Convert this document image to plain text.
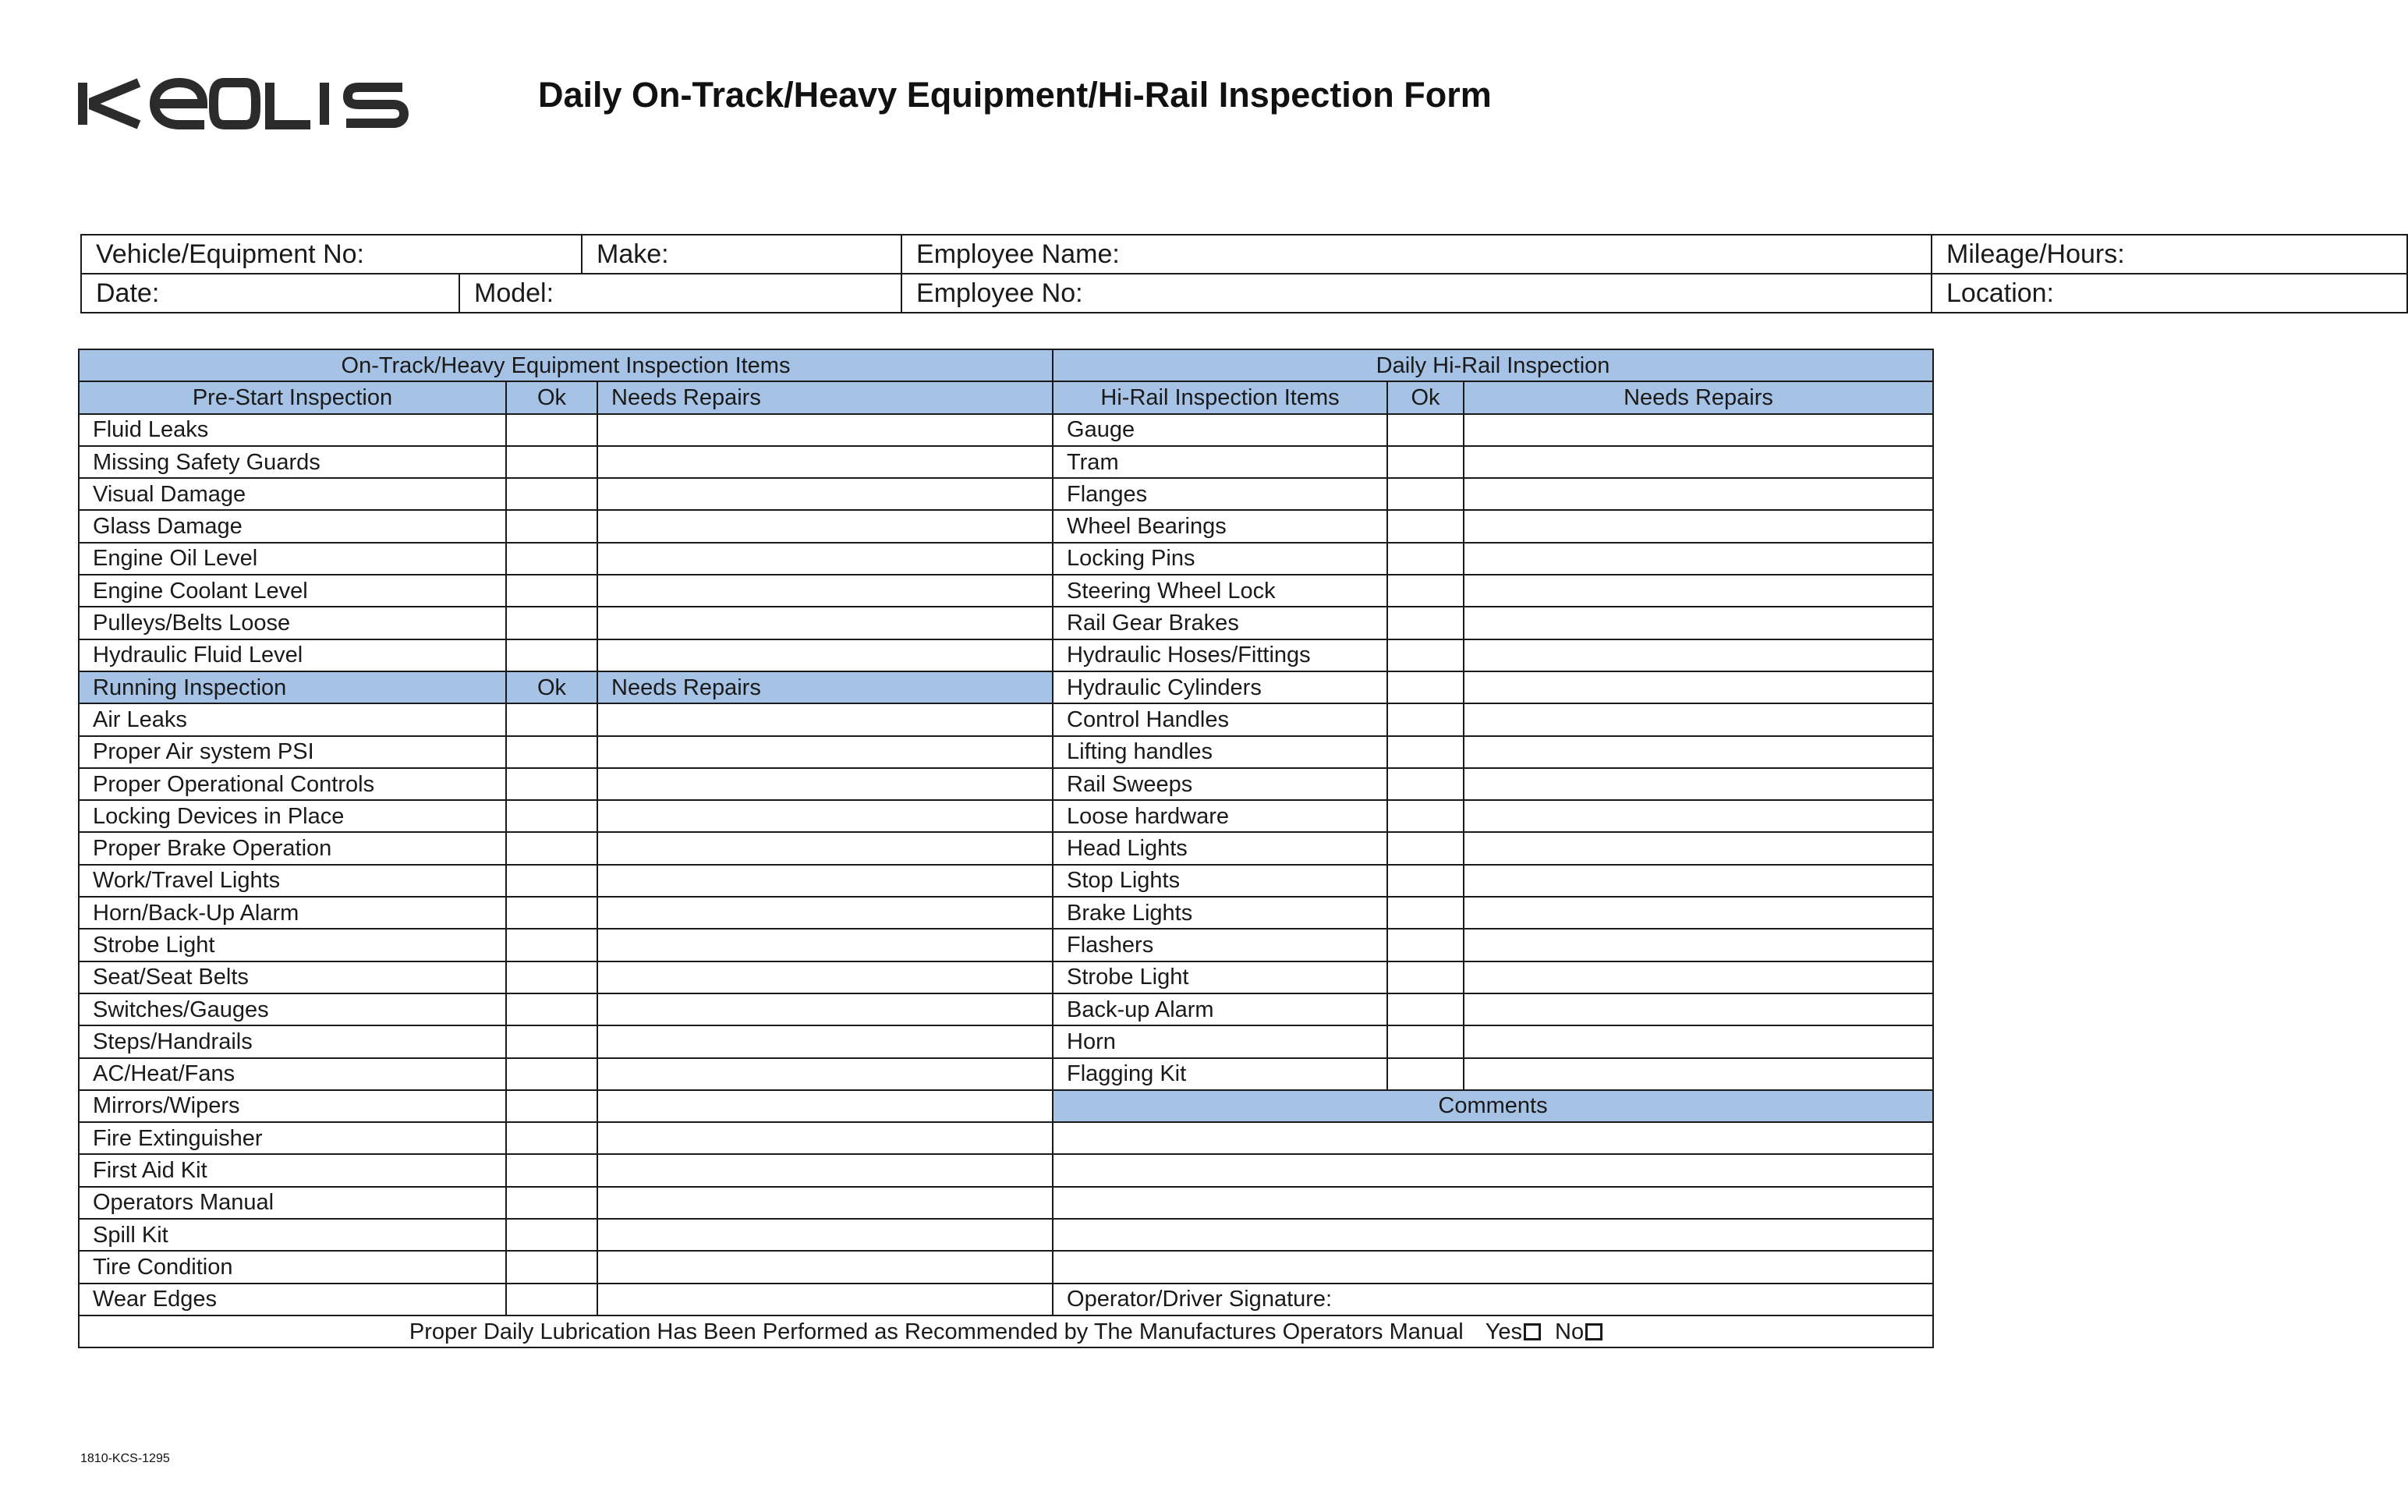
Daily On-Track/Heavy Equipment/Hi-Rail Inspection Form
Vehicle/Equipment No:		Make:	Employee Name:	Mileage/Hours:
Date:	Model:		Employee No:	Location:
On-Track/Heavy Equipment Inspection Items			Daily Hi-Rail Inspection		
Pre-Start Inspection	Ok	Needs Repairs	Hi-Rail Inspection Items	Ok	Needs Repairs
Fluid Leaks			Gauge		
Missing Safety Guards			Tram		
Visual Damage			Flanges		
Glass Damage			Wheel Bearings		
Engine Oil Level			Locking Pins		
Engine Coolant Level			Steering Wheel Lock		
Pulleys/Belts Loose			Rail Gear Brakes		
Hydraulic Fluid Level			Hydraulic Hoses/Fittings		
Running Inspection	Ok	Needs Repairs	Hydraulic Cylinders		
Air Leaks			Control Handles		
Proper Air system PSI			Lifting handles		
Proper Operational Controls			Rail Sweeps		
Locking Devices in Place			Loose hardware		
Proper Brake Operation			Head Lights		
Work/Travel Lights			Stop Lights		
Horn/Back-Up Alarm			Brake Lights		
Strobe Light			Flashers		
Seat/Seat Belts			Strobe Light		
Switches/Gauges			Back-up Alarm		
Steps/Handrails			Horn		
AC/Heat/Fans			Flagging Kit		
Mirrors/Wipers			Comments		
Fire Extinguisher					
First Aid Kit					
Operators Manual					
Spill Kit					
Tire Condition					
Wear Edges			Operator/Driver Signature:		
Proper Daily Lubrication Has Been Performed as Recommended by The Manufactures Operators Manual Yes No					
1810-KCS-1295
